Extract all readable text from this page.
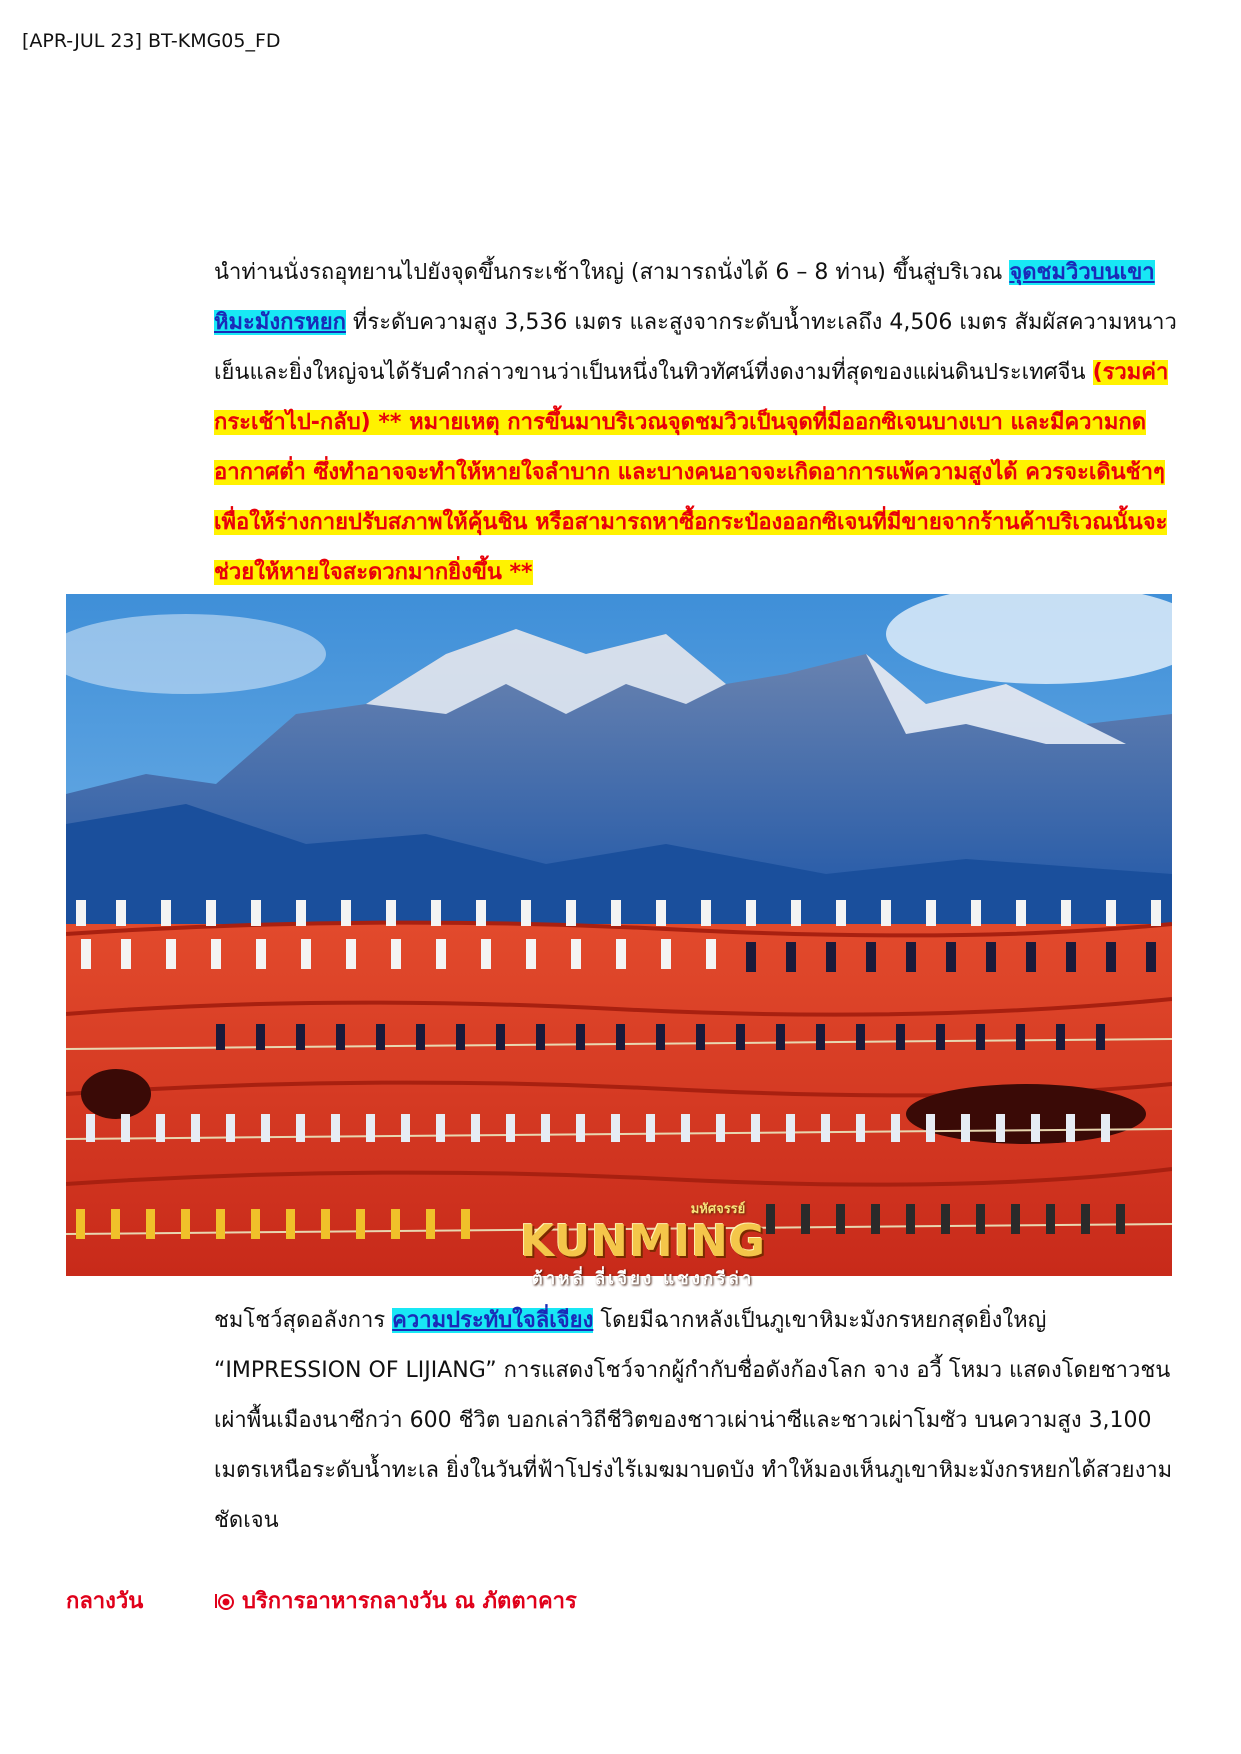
[APR-JUL 23] BT-KMG05_FD
นำท่านนั่งรถอุทยานไปยังจุดขึ้นกระเช้าใหญ่ (สามารถนั่งได้ 6 – 8 ท่าน) ขึ้นสู่บริเวณ จุดชมวิวบนเขาหิมะมังกรหยก ที่ระดับความสูง 3,536 เมตร และสูงจากระดับน้ำทะเลถึง 4,506 เมตร สัมผัสความหนาวเย็นและยิ่งใหญ่จนได้รับคำกล่าวขานว่าเป็นหนึ่งในทิวทัศน์ที่งดงามที่สุดของแผ่นดินประเทศจีน (รวมค่ากระเช้าไป-กลับ) ** หมายเหตุ การขึ้นมาบริเวณจุดชมวิวเป็นจุดที่มีออกซิเจนบางเบา และมีความกดอากาศต่ำ ซึ่งทำอาจจะทำให้หายใจลำบาก และบางคนอาจจะเกิดอาการแพ้ความสูงได้ ควรจะเดินช้าๆ เพื่อให้ร่างกายปรับสภาพให้คุ้นชิน หรือสามารถหาซื้อกระป๋องออกซิเจนที่มีขายจากร้านค้าบริเวณนั้นจะช่วยให้หายใจสะดวกมากยิ่งขึ้น **
มหัศจรรย์
KUNMING
ต้าหลี่ ลี่เจียง แชงกรีล่า
ชมโชว์สุดอลังการ ความประทับใจลี่เจียง โดยมีฉากหลังเป็นภูเขาหิมะมังกรหยกสุดยิ่งใหญ่ “IMPRESSION OF LIJIANG” การแสดงโชว์จากผู้กำกับชื่อดังก้องโลก จาง อวี้ โหมว แสดงโดยชาวชนเผ่าพื้นเมืองนาซีกว่า 600 ชีวิต บอกเล่าวิถีชีวิตของชาวเผ่าน่าซีและชาวเผ่าโมซัว บนความสูง 3,100 เมตรเหนือระดับน้ำทะเล ยิ่งในวันที่ฟ้าโปร่งไร้เมฆมาบดบัง ทำให้มองเห็นภูเขาหิมะมังกรหยกได้สวยงามชัดเจน
กลางวัน	บริการอาหารกลางวัน ณ ภัตตาคาร
